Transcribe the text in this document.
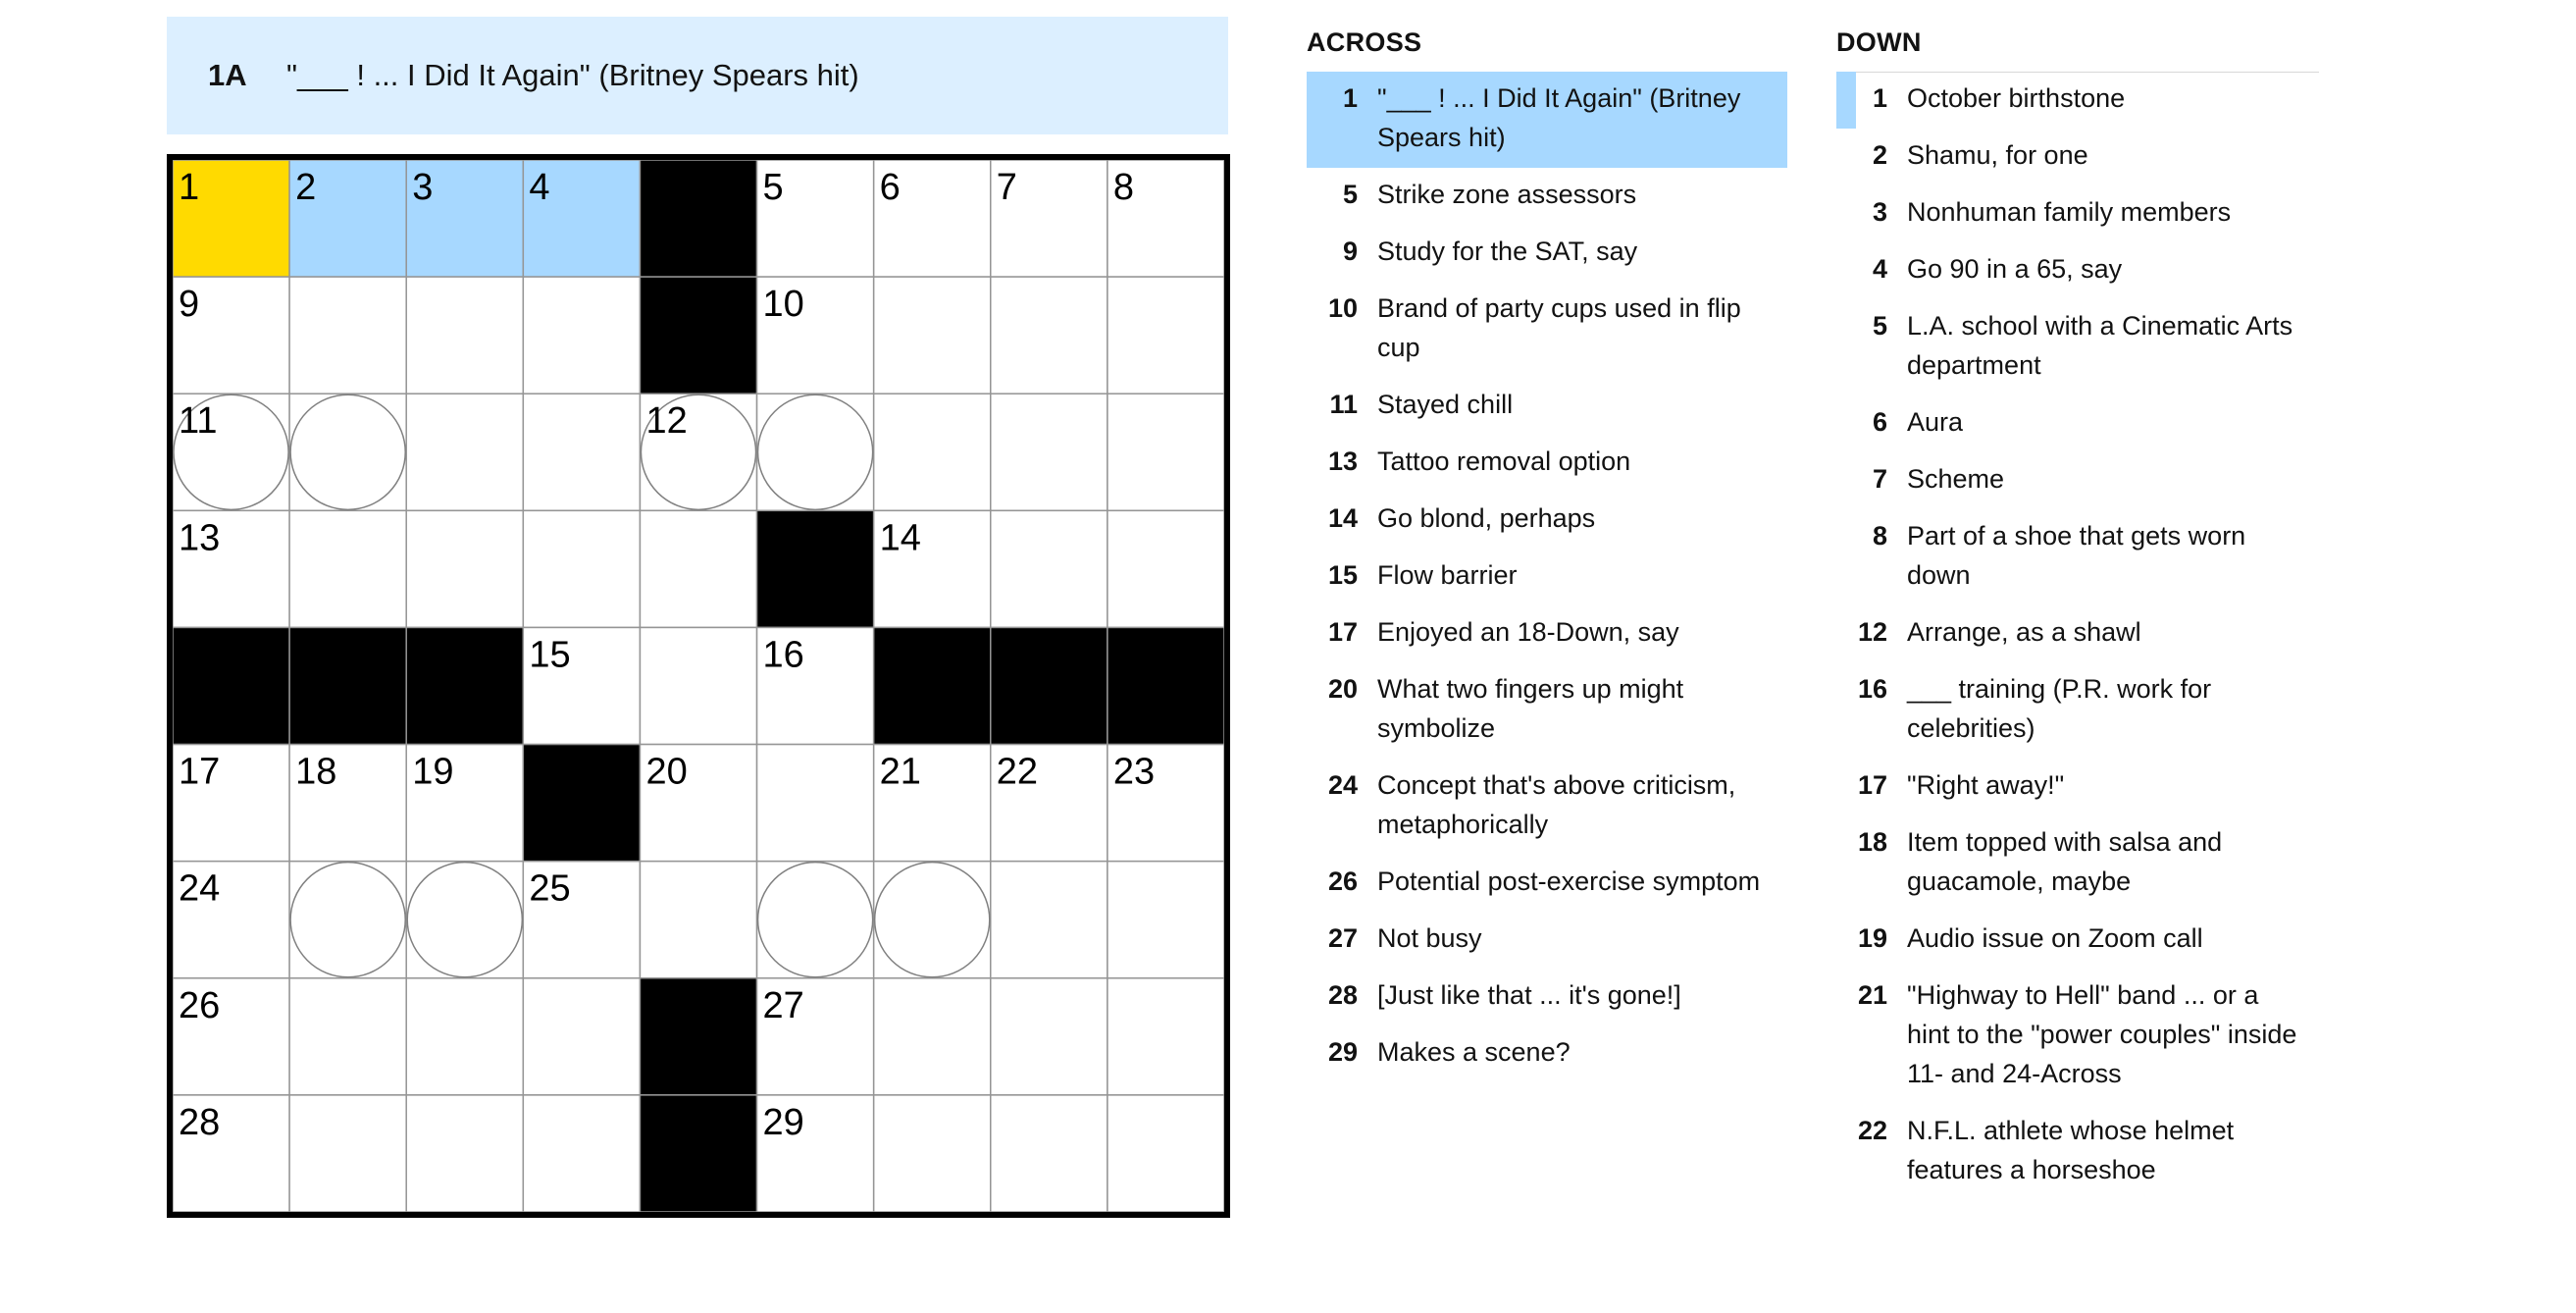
1A "___ ! ... I Did It Again" (Britney Spears hit)
1	2	3	4	5	6	7	8
9	10
11	12
13	14
15	16
17 18 19	20	21 22 23
24	25
26	27
28	29
ACROSS
1 "___ ! ... I Did It Again" (Britney Spears hit)
5 Strike zone assessors
9 Study for the SAT, say
10 Brand of party cups used in flip cup
11 Stayed chill
13 Tattoo removal option
14 Go blond, perhaps
15 Flow barrier
17 Enjoyed an 18-Down, say
20 What two fingers up might symbolize
24 Concept that's above criticism, metaphorically
26 Potential post-exercise symptom
27 Not busy
28 [Just like that ... it's gone!]
29 Makes a scene?
DOWN
1 October birthstone
2 Shamu, for one
3 Nonhuman family members
4 Go 90 in a 65, say
5 L.A. school with a Cinematic Arts department
6 Aura
7 Scheme
8 Part of a shoe that gets worn down
12 Arrange, as a shawl
16 ___ training (P.R. work for celebrities)
17 "Right away!"
18 Item topped with salsa and guacamole, maybe
19 Audio issue on Zoom call
21 "Highway to Hell" band ... or a hint to the "power couples" inside 11- and 24-Across
22 N.F.L. athlete whose helmet features a horseshoe
